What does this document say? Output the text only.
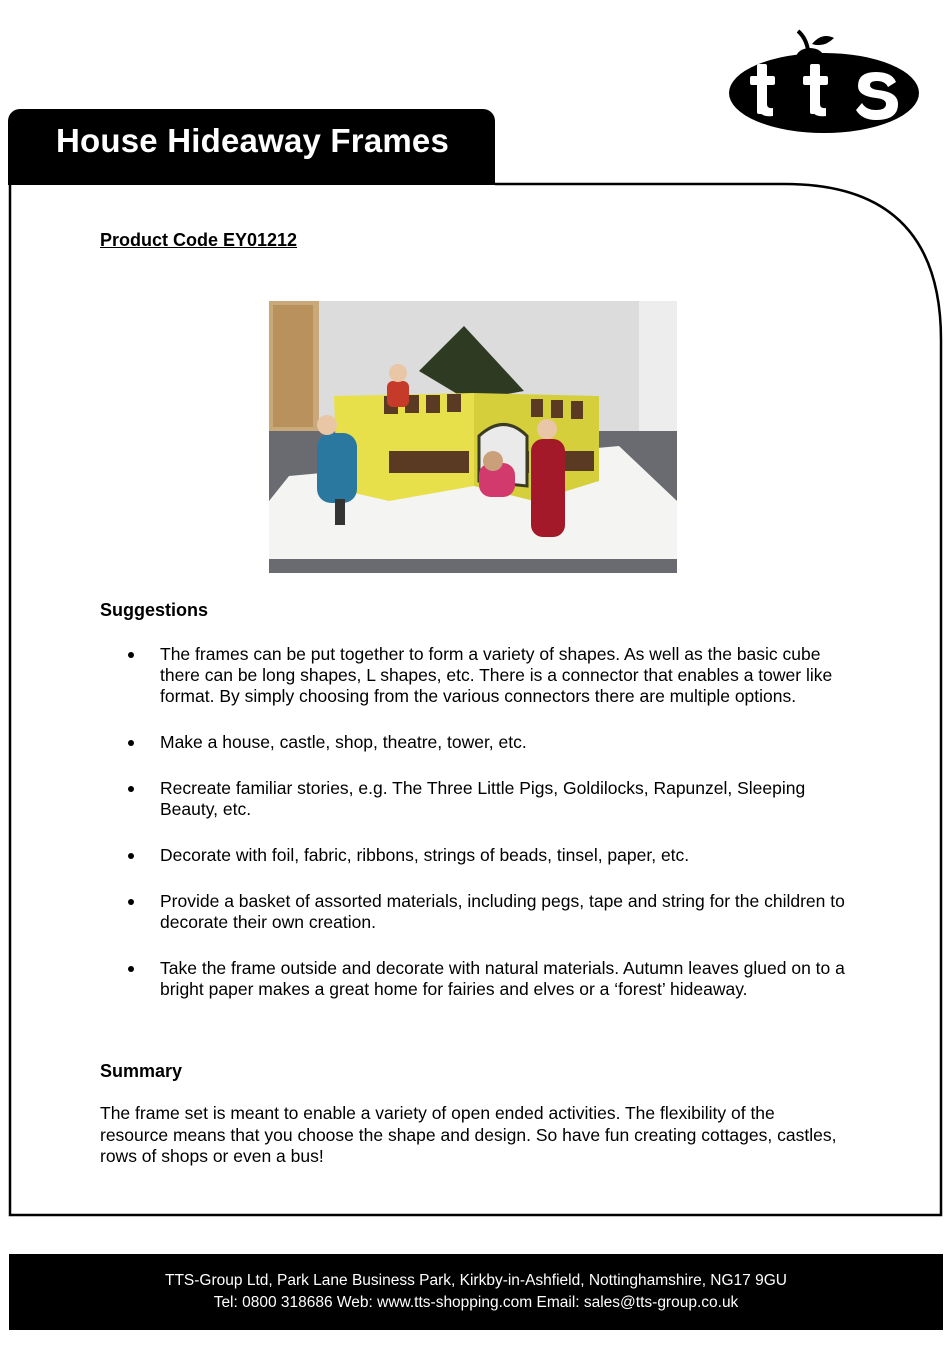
House Hideaway Frames
Product Code EY01212
Suggestions
The frames can be put together to form a variety of shapes. As well as the basic cube there can be long shapes, L shapes, etc. There is a connector that enables a tower like format. By simply choosing from the various connectors there are multiple options.
Make a house, castle, shop, theatre, tower, etc.
Recreate familiar stories, e.g. The Three Little Pigs, Goldilocks, Rapunzel, Sleeping Beauty, etc.
Decorate with foil, fabric, ribbons, strings of beads, tinsel, paper, etc.
Provide a basket of assorted materials, including pegs, tape and string for the children to decorate their own creation.
Take the frame outside and decorate with natural materials. Autumn leaves glued on to a bright paper makes a great home for fairies and elves or a ‘forest’ hideaway.
Summary
The frame set is meant to enable a variety of open ended activities. The flexibility of the resource means that you choose the shape and design. So have fun creating cottages, castles, rows of shops or even a bus!
TTS-Group Ltd, Park Lane Business Park, Kirkby-in-Ashfield, Nottinghamshire, NG17 9GU
Tel: 0800 318686 Web: www.tts-shopping.com Email: sales@tts-group.co.uk
